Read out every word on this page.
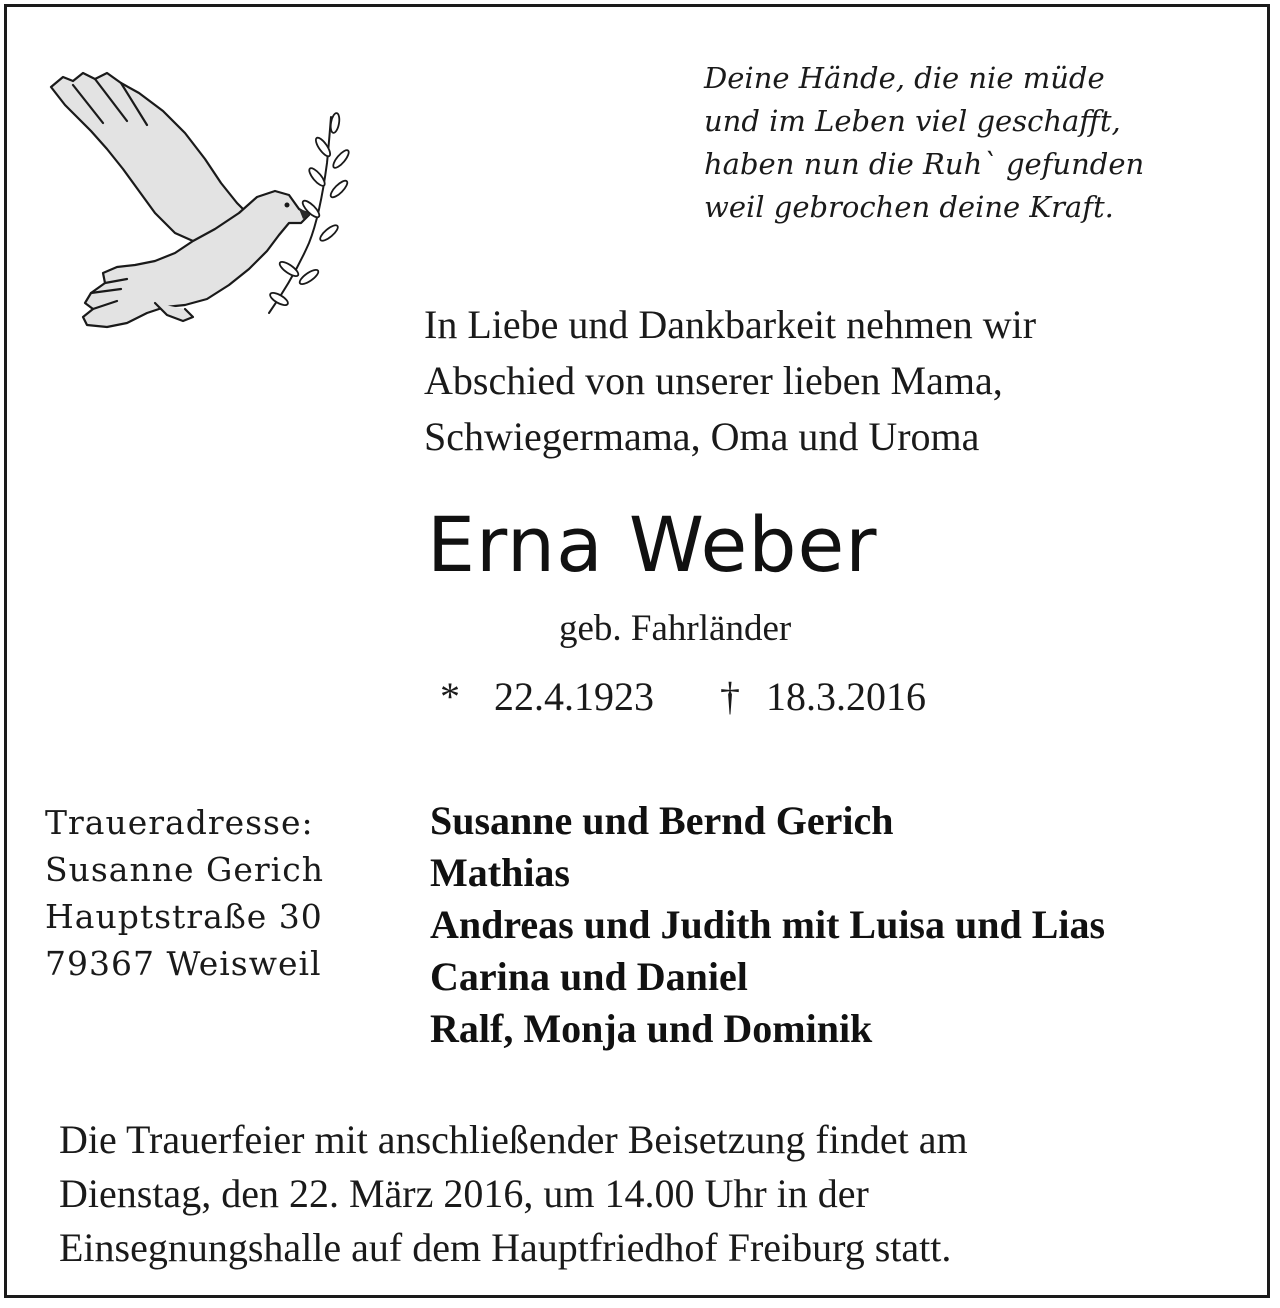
Deine Hände, die nie müde
und im Leben viel geschafft,
haben nun die Ruh` gefunden
weil gebrochen deine Kraft.
In Liebe und Dankbarkeit nehmen wir
Abschied von unserer lieben Mama,
Schwiegermama, Oma und Uroma
Erna Weber
geb. Fahrländer
* 22.4.1923 † 18.3.2016
Traueradresse:
Susanne Gerich
Hauptstraße 30
79367 Weisweil
Susanne und Bernd Gerich
Mathias
Andreas und Judith mit Luisa und Lias
Carina und Daniel
Ralf, Monja und Dominik
Die Trauerfeier mit anschließender Beisetzung findet am
Dienstag, den 22. März 2016, um 14.00 Uhr in der
Einsegnungshalle auf dem Hauptfriedhof Freiburg statt.
